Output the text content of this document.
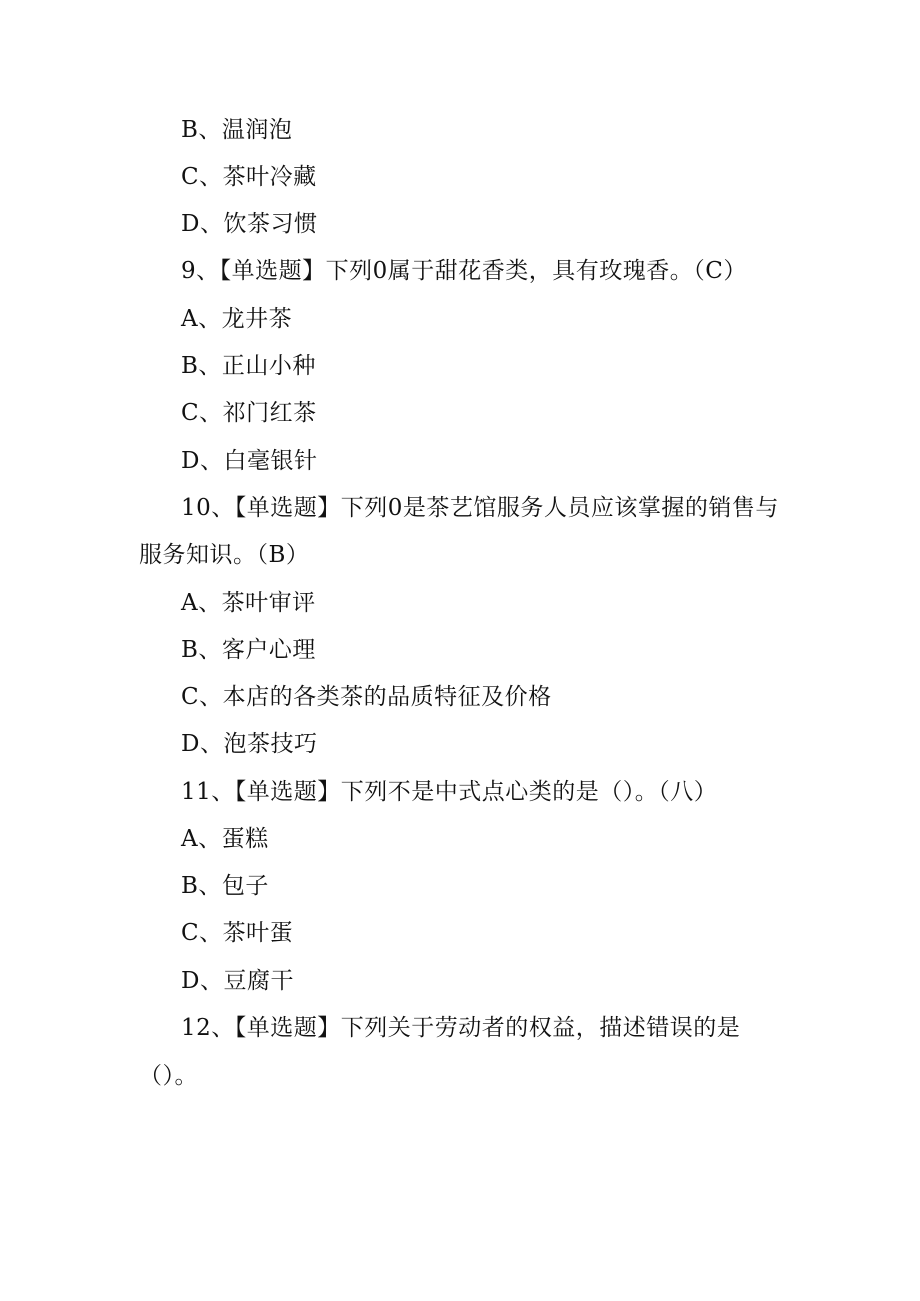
B、温润泡
C、茶叶冷藏
D、饮茶习惯
9、【单选题】下列0属于甜花香类，具有玫瑰香。（C）
A、龙井茶
B、正山小种
C、祁门红茶
D、白毫银针
10、【单选题】下列0是茶艺馆服务人员应该掌握的销售与
服务知识。（B）
A、茶叶审评
B、客户心理
C、本店的各类茶的品质特征及价格
D、泡茶技巧
11、【单选题】下列不是中式点心类的是（）。（八）
A、蛋糕
B、包子
C、茶叶蛋
D、豆腐干
12、【单选题】下列关于劳动者的权益，描述错误的是
（）。
